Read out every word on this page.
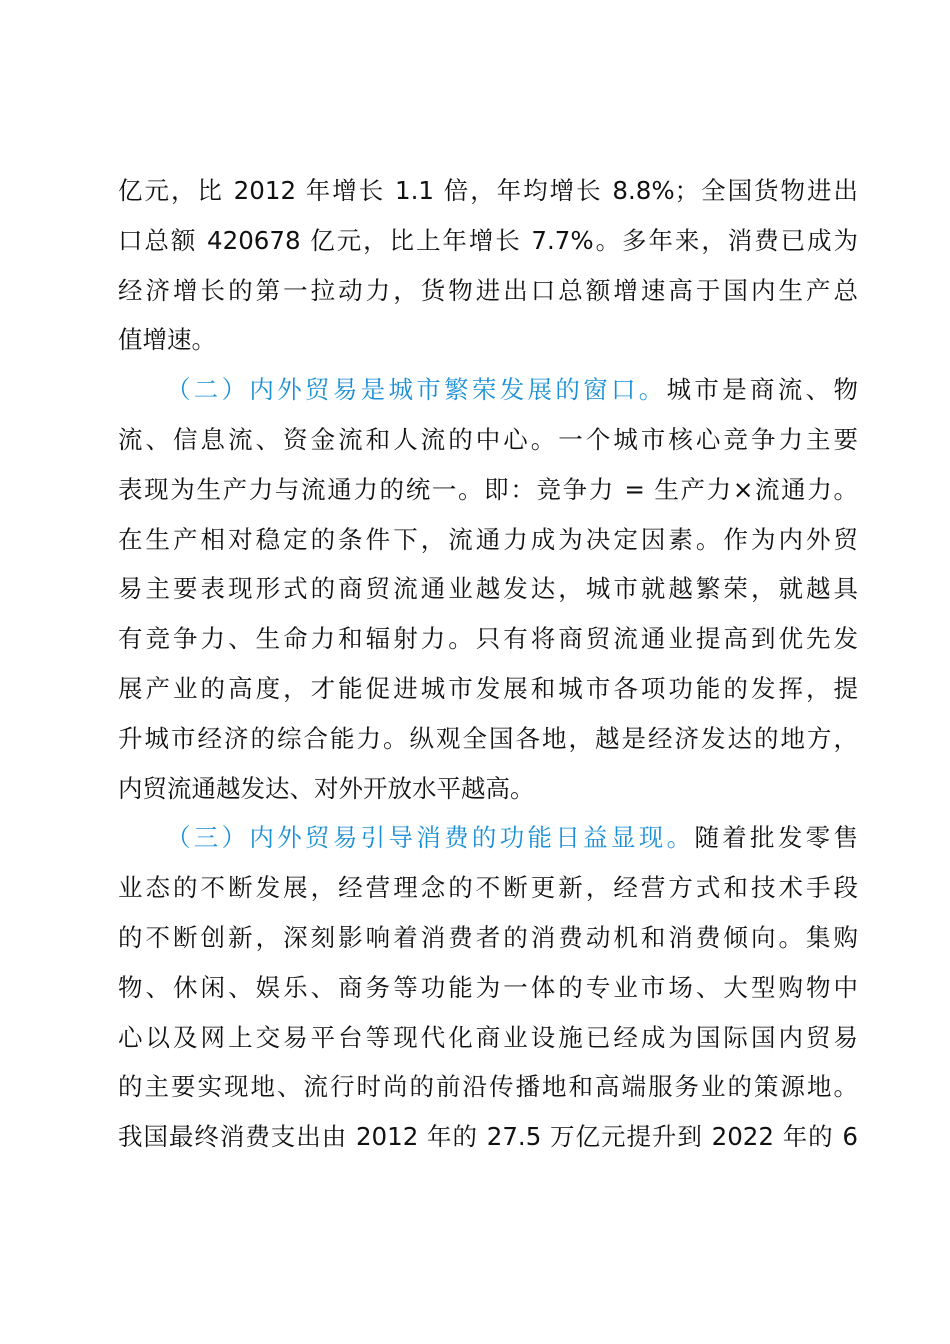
亿元，比 2012 年增长 1.1 倍，年均增长 8.8%；全国货物进出
口总额 420678 亿元，比上年增长 7.7%。多年来，消费已成为
经济增长的第一拉动力，货物进出口总额增速高于国内生产总
值增速。
（二）内外贸易是城市繁荣发展的窗口。城市是商流、物
流、信息流、资金流和人流的中心。一个城市核心竞争力主要
表现为生产力与流通力的统一。即：竞争力 = 生产力×流通力。
在生产相对稳定的条件下，流通力成为决定因素。作为内外贸
易主要表现形式的商贸流通业越发达，城市就越繁荣，就越具
有竞争力、生命力和辐射力。只有将商贸流通业提高到优先发
展产业的高度，才能促进城市发展和城市各项功能的发挥，提
升城市经济的综合能力。纵观全国各地，越是经济发达的地方，
内贸流通越发达、对外开放水平越高。
（三）内外贸易引导消费的功能日益显现。随着批发零售
业态的不断发展，经营理念的不断更新，经营方式和技术手段
的不断创新，深刻影响着消费者的消费动机和消费倾向。集购
物、休闲、娱乐、商务等功能为一体的专业市场、大型购物中
心以及网上交易平台等现代化商业设施已经成为国际国内贸易
的主要实现地、流行时尚的前沿传播地和高端服务业的策源地。
我国最终消费支出由 2012 年的 27.5 万亿元提升到 2022 年的 6
